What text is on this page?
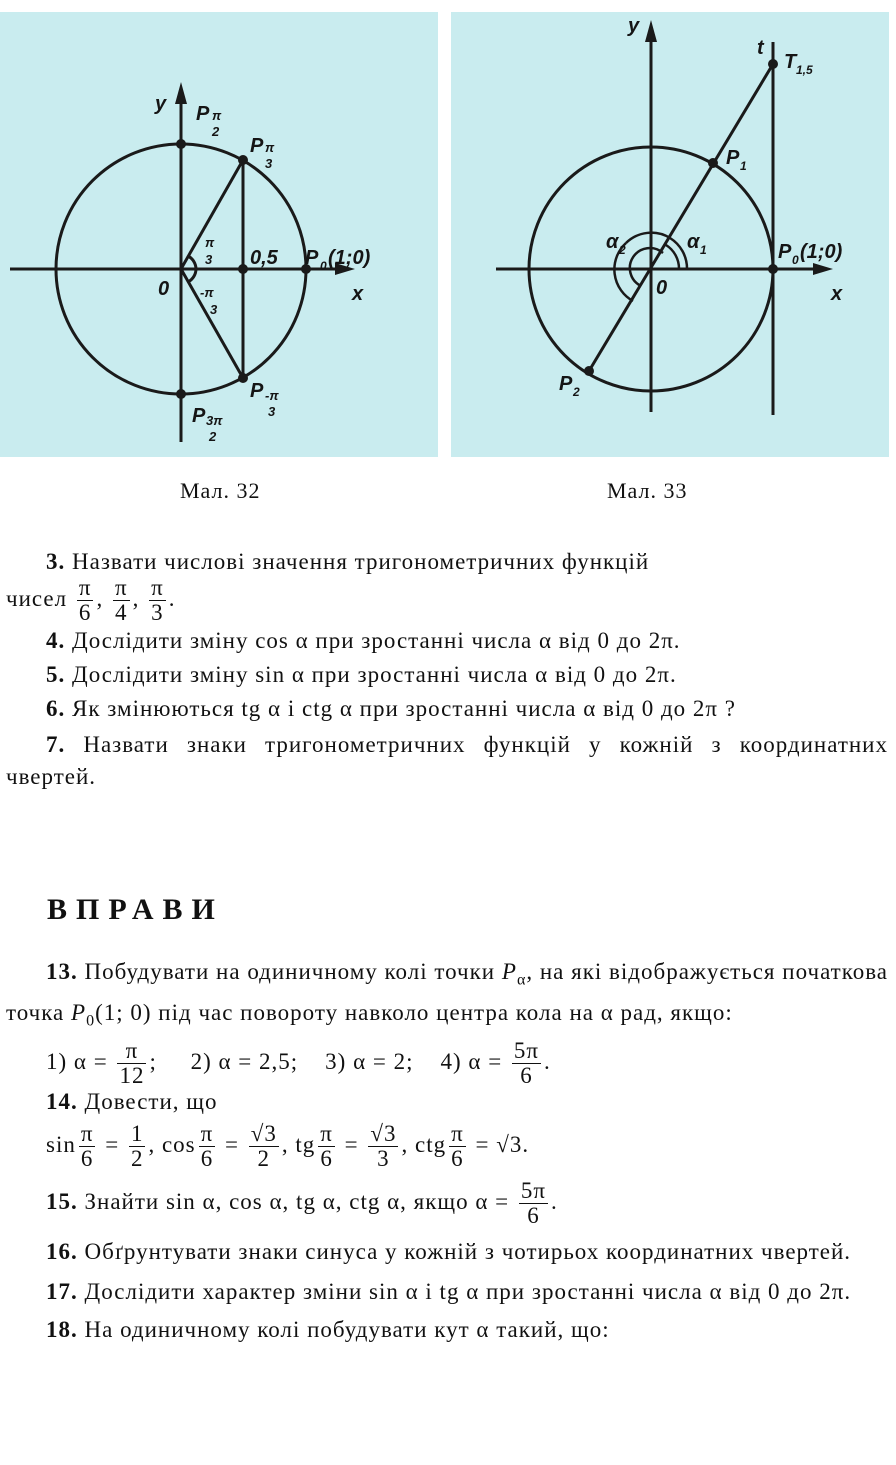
y
x
0
P π
2
P π
3
0,5 P 0 (1;0)
π
3
-π
3
P -π
3
P 3π
2
y
x
0
t
T 1,5
P 1
P 0 (1;0)
α 1
α 2
P 2
Мал. 32	Мал. 33

3. Назвати числові значення тригонометричних функцій

чисел $\frac{\pi}{6}$ , $\frac{\pi}{4}$ , $\frac{\pi}{3}$ .

4. Дослідити зміну cos α при зростанні числа α від 0 до 2π.

5. Дослідити зміну sin α при зростанні числа α від 0 до 2π.

6. Як змінюються tg α і ctg α при зростанні числа α від 0 до 2π ?

7. Назвати знаки тригонометричних функцій у кожній з координатних чвертей.

ВПРАВИ

13. Побудувати на одиничному колі точки $P_\alpha$, на які відображується початкова точка $P_0(1$; 0) під час повороту навколо центра кола на α рад, якщо:

1) $\alpha = \frac{\pi}{12}$ ; 2) α = 2,5; 3) α = 2; 4) $\alpha = \frac{5\pi}{6}$ .

14. Довести, що

$\sin \frac{\pi}{6} = \frac{1}{2}$ , $\cos \frac{\pi}{6} = \frac{√3}{2}$ , tg $\frac{\pi}{6} = \frac{√3}{3}$ , ctg $\frac{\pi}{6} = √3$.

15. Знайти sin α, cos α, tg α, ctg α, якщо $\alpha = \frac{5\pi}{6}$ .

16. Обґрунтувати знаки синуса у кожній з чотирьох координатних чвертей.

17. Дослідити характер зміни sin α і tg α при зростанні числа α від 0 до 2π.

18. На одиничному колі побудувати кут α такий, що:
